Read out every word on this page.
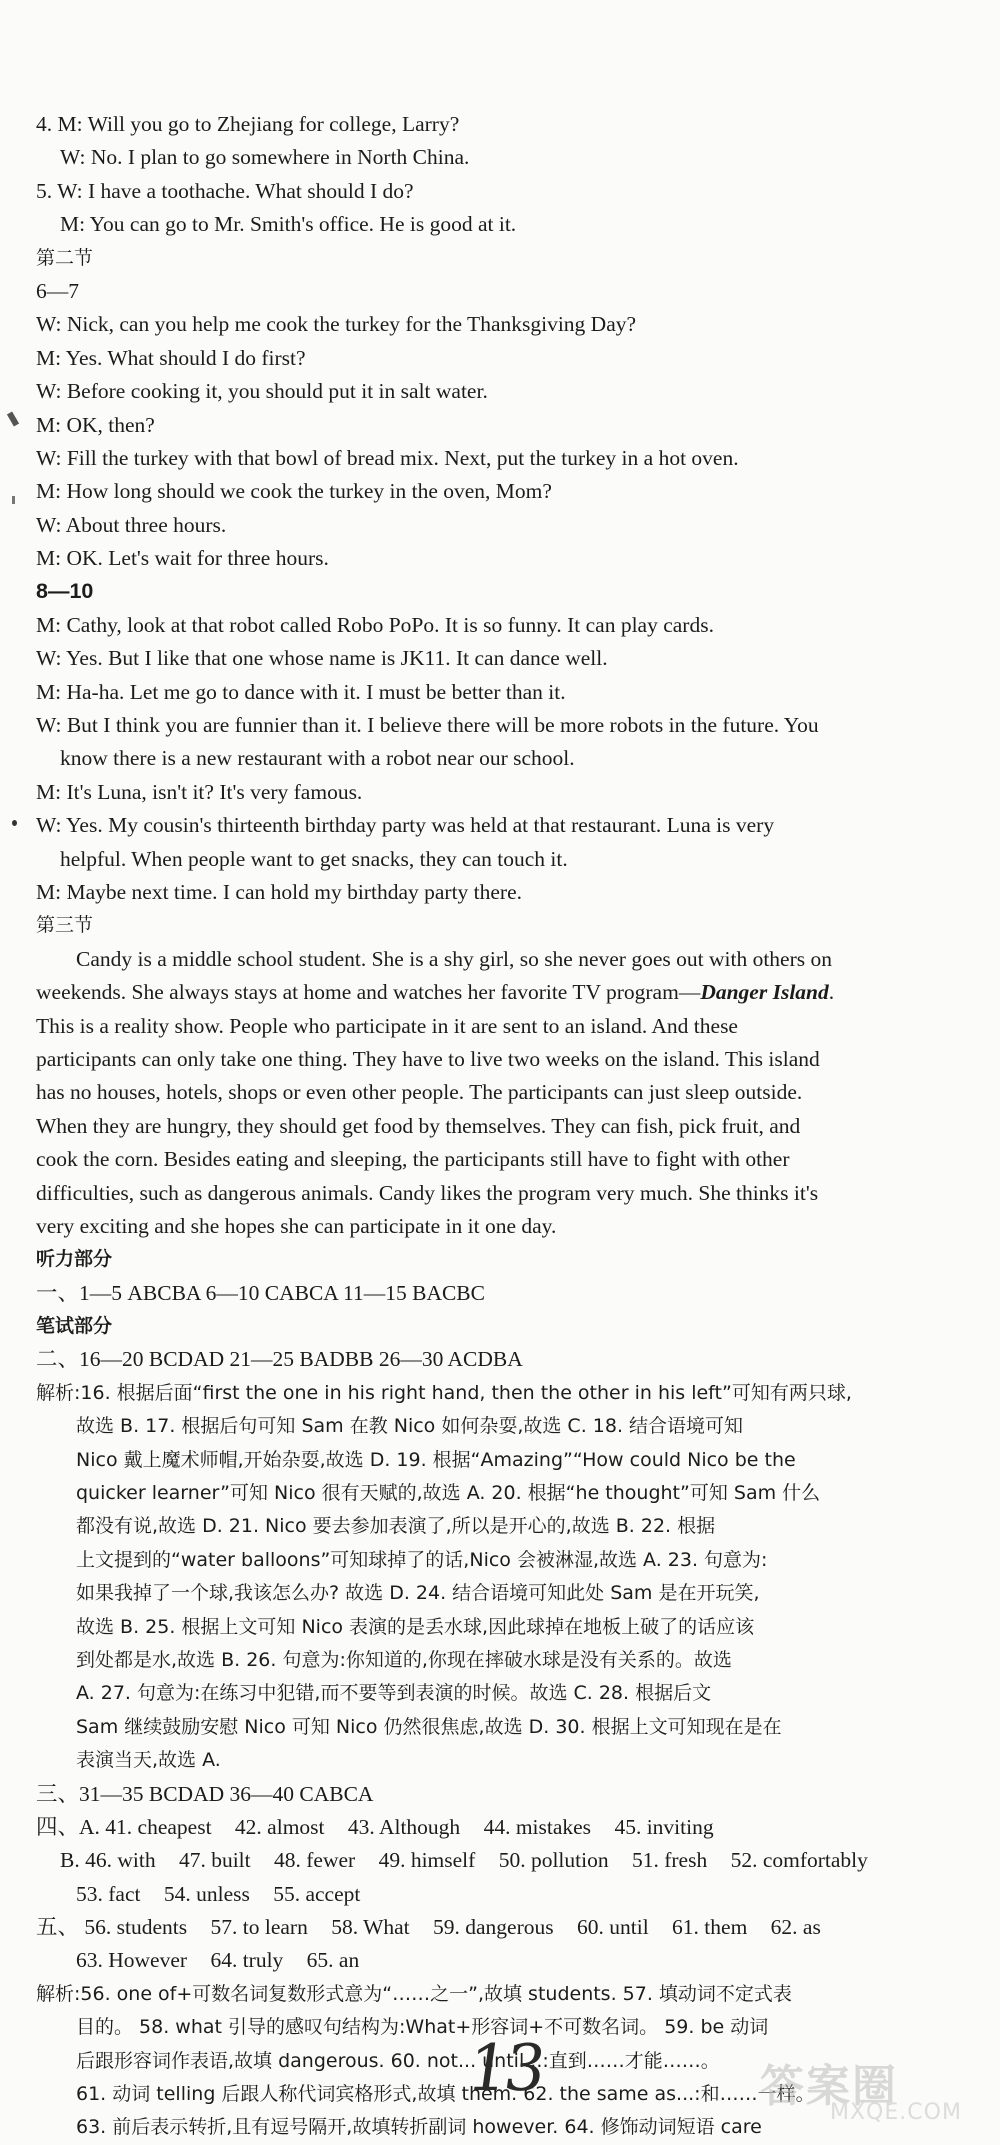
4. M: Will you go to Zhejiang for college, Larry?
W: No. I plan to go somewhere in North China.
5. W: I have a toothache. What should I do?
M: You can go to Mr. Smith's office. He is good at it.
第二节
6—7
W: Nick, can you help me cook the turkey for the Thanksgiving Day?
M: Yes. What should I do first?
W: Before cooking it, you should put it in salt water.
M: OK, then?
W: Fill the turkey with that bowl of bread mix. Next, put the turkey in a hot oven.
M: How long should we cook the turkey in the oven, Mom?
W: About three hours.
M: OK. Let's wait for three hours.
8—10
M: Cathy, look at that robot called Robo PoPo. It is so funny. It can play cards.
W: Yes. But I like that one whose name is JK11. It can dance well.
M: Ha-ha. Let me go to dance with it. I must be better than it.
W: But I think you are funnier than it. I believe there will be more robots in the future. You
know there is a new restaurant with a robot near our school.
M: It's Luna, isn't it? It's very famous.
W: Yes. My cousin's thirteenth birthday party was held at that restaurant. Luna is very
helpful. When people want to get snacks, they can touch it.
M: Maybe next time. I can hold my birthday party there.
第三节
Candy is a middle school student. She is a shy girl, so she never goes out with others on
weekends. She always stays at home and watches her favorite TV program—Danger Island.
This is a reality show. People who participate in it are sent to an island. And these
participants can only take one thing. They have to live two weeks on the island. This island
has no houses, hotels, shops or even other people. The participants can just sleep outside.
When they are hungry, they should get food by themselves. They can fish, pick fruit, and
cook the corn. Besides eating and sleeping, the participants still have to fight with other
difficulties, such as dangerous animals. Candy likes the program very much. She thinks it's
very exciting and she hopes she can participate in it one day.
听力部分
一、1—5 ABCBA 6—10 CABCA 11—15 BACBC
笔试部分
二、16—20 BCDAD 21—25 BADBB 26—30 ACDBA
解析:16. 根据后面“first the one in his right hand, then the other in his left”可知有两只球,
故选 B. 17. 根据后句可知 Sam 在教 Nico 如何杂耍,故选 C. 18. 结合语境可知
Nico 戴上魔术师帽,开始杂耍,故选 D. 19. 根据“Amazing”“How could Nico be the
quicker learner”可知 Nico 很有天赋的,故选 A. 20. 根据“he thought”可知 Sam 什么
都没有说,故选 D. 21. Nico 要去参加表演了,所以是开心的,故选 B. 22. 根据
上文提到的“water balloons”可知球掉了的话,Nico 会被淋湿,故选 A. 23. 句意为:
如果我掉了一个球,我该怎么办? 故选 D. 24. 结合语境可知此处 Sam 是在开玩笑,
故选 B. 25. 根据上文可知 Nico 表演的是丢水球,因此球掉在地板上破了的话应该
到处都是水,故选 B. 26. 句意为:你知道的,你现在摔破水球是没有关系的。故选
A. 27. 句意为:在练习中犯错,而不要等到表演的时候。故选 C. 28. 根据后文
Sam 继续鼓励安慰 Nico 可知 Nico 仍然很焦虑,故选 D. 30. 根据上文可知现在是在
表演当天,故选 A.
三、31—35 BCDAD 36—40 CABCA
四、A. 41. cheapest 42. almost 43. Although 44. mistakes 45. inviting
B. 46. with 47. built 48. fewer 49. himself 50. pollution 51. fresh 52. comfortably
53. fact 54. unless 55. accept
五、 56. students 57. to learn 58. What 59. dangerous 60. until 61. them 62. as
63. However 64. truly 65. an
解析:56. one of+可数名词复数形式意为“……之一”,故填 students. 57. 填动词不定式表
目的。 58. what 引导的感叹句结构为:What+形容词+不可数名词。 59. be 动词
后跟形容词作表语,故填 dangerous. 60. not... until...:直到……才能……。
61. 动词 telling 后跟人称代词宾格形式,故填 them. 62. the same as...:和……一样。
63. 前后表示转折,且有逗号隔开,故填转折副词 however. 64. 修饰动词短语 care
13	答案圈
MXQE.COM
